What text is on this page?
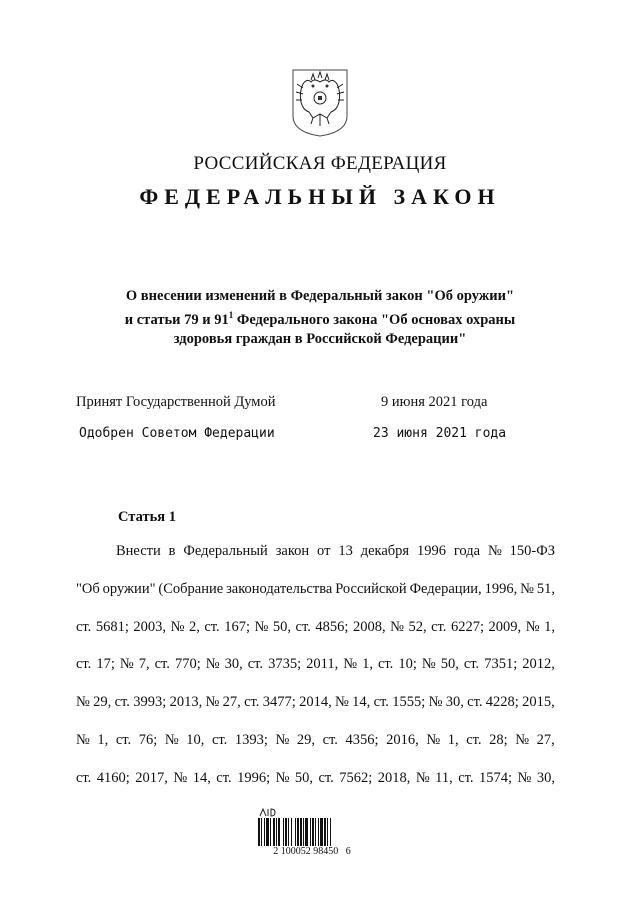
РОССИЙСКАЯ ФЕДЕРАЦИЯ
ФЕДЕРАЛЬНЫЙ ЗАКОН
О внесении изменений в Федеральный закон "Об оружии"
и статьи 79 и $91^1$ Федерального закона "Об основах охраны
здоровья граждан в Российской Федерации"
Принят Государственной Думой	9 июня 2021 года
Одобрен Советом Федерации	23 июня 2021 года
Статья 1
Внести в Федеральный закон от 13 декабря 1996 года № 150-ФЗ
"Об оружии" (Собрание законодательства Российской Федерации, 1996, № 51,
ст. 5681; 2003, № 2, ст. 167; № 50, ст. 4856; 2008, № 52, ст. 6227; 2009, № 1,
ст. 17; № 7, ст. 770; № 30, ст. 3735; 2011, № 1, ст. 10; № 50, ст. 7351; 2012,
№ 29, ст. 3993; 2013, № 27, ст. 3477; 2014, № 14, ст. 1555; № 30, ст. 4228; 2015,
№ 1, ст. 76; № 10, ст. 1393; № 29, ст. 4356; 2016, № 1, ст. 28; № 27,
ст. 4160; 2017, № 14, ст. 1996; № 50, ст. 7562; 2018, № 11, ст. 1574; № 30,
2 100052 98450   6
